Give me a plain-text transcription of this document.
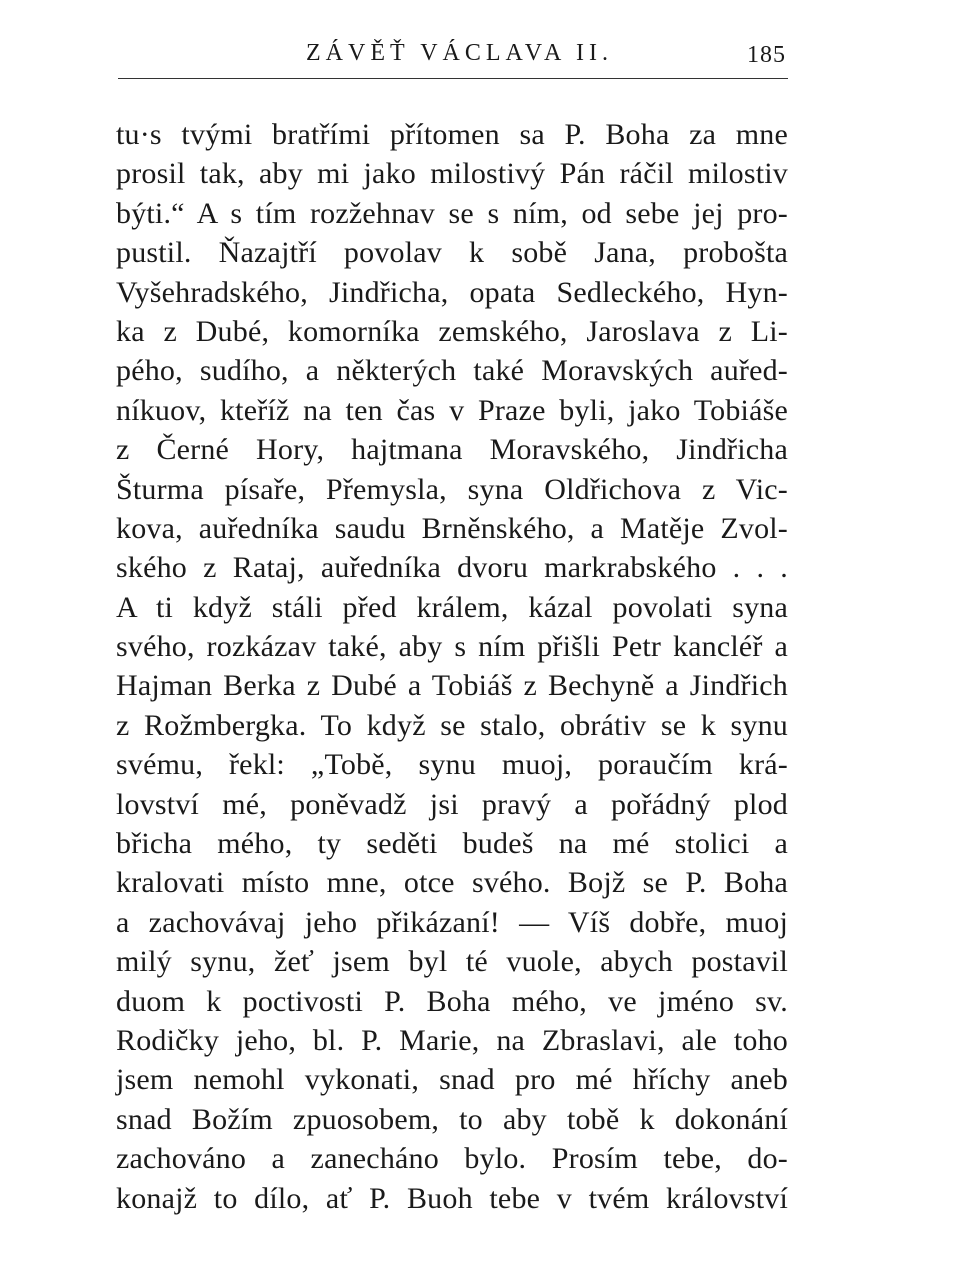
ZÁVĚŤ VÁCLAVA II.	185
tu·s tvými bratřími přítomen sa P. Boha za mne
prosil tak, aby mi jako milostivý Pán ráčil milostiv
býti.“ A s tím rozžehnav se s ním, od sebe jej pro-
pustil. Ňazajtří povolav k sobě Jana, probošta
Vyšehradského, Jindřicha, opata Sedleckého, Hyn-
ka z Dubé, komorníka zemského, Jaroslava z Li-
pého, sudího, a některých také Moravských auřed-
níkuov, kteříž na ten čas v Praze byli, jako Tobiáše
z Černé Hory, hajtmana Moravského, Jindřicha
Šturma písaře, Přemysla, syna Oldřichova z Vic-
kova, auředníka saudu Brněnského, a Matěje Zvol-
ského z Rataj, auředníka dvoru markrabského . . .
A ti když stáli před králem, kázal povolati syna
svého, rozkázav také, aby s ním přišli Petr kancléř a
Hajman Berka z Dubé a Tobiáš z Bechyně a Jindřich
z Rožmbergka. To když se stalo, obrátiv se k synu
svému, řekl: „Tobě, synu muoj, poraučím krá-
lovství mé, poněvadž jsi pravý a pořádný plod
břicha mého, ty seděti budeš na mé stolici a
kralovati místo mne, otce svého. Bojž se P. Boha
a zachovávaj jeho přikázaní! — Víš dobře, muoj
milý synu, žeť jsem byl té vuole, abych postavil
duom k poctivosti P. Boha mého, ve jméno sv.
Rodičky jeho, bl. P. Marie, na Zbraslavi, ale toho
jsem nemohl vykonati, snad pro mé hříchy aneb
snad Božím zpuosobem, to aby tobě k dokonání
zachováno a zanecháno bylo. Prosím tebe, do-
konajž to dílo, ať P. Buoh tebe v tvém království
